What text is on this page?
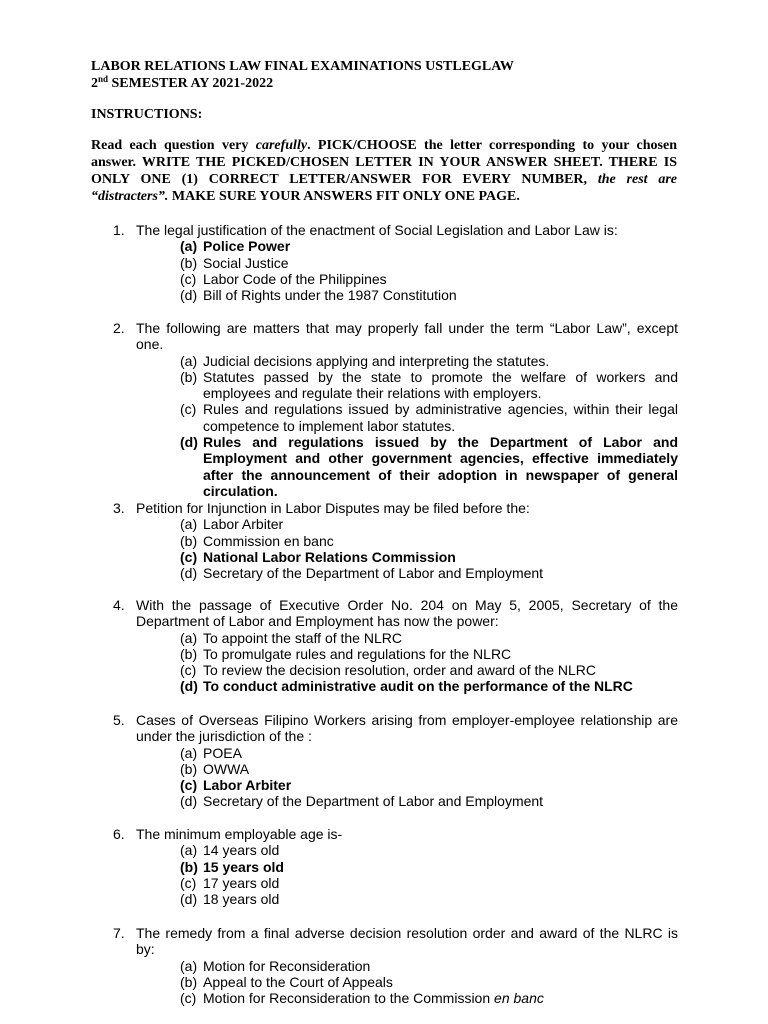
LABOR RELATIONS LAW FINAL EXAMINATIONS USTLEGLAW
2nd SEMESTER AY 2021-2022
INSTRUCTIONS:
Read each question very carefully. PICK/CHOOSE the letter corresponding to your chosen answer. WRITE THE PICKED/CHOSEN LETTER IN YOUR ANSWER SHEET. THERE IS ONLY ONE (1) CORRECT LETTER/ANSWER FOR EVERY NUMBER, the rest are “distracters”. MAKE SURE YOUR ANSWERS FIT ONLY ONE PAGE.
1. The legal justification of the enactment of Social Legislation and Labor Law is:
(a) Police Power
(b) Social Justice
(c) Labor Code of the Philippines
(d) Bill of Rights under the 1987 Constitution
2. The following are matters that may properly fall under the term “Labor Law”, except one.
(a) Judicial decisions applying and interpreting the statutes.
(b) Statutes passed by the state to promote the welfare of workers and employees and regulate their relations with employers.
(c) Rules and regulations issued by administrative agencies, within their legal competence to implement labor statutes.
(d) Rules and regulations issued by the Department of Labor and Employment and other government agencies, effective immediately after the announcement of their adoption in newspaper of general circulation.
3. Petition for Injunction in Labor Disputes may be filed before the:
(a) Labor Arbiter
(b) Commission en banc
(c) National Labor Relations Commission
(d) Secretary of the Department of Labor and Employment
4. With the passage of Executive Order No. 204 on May 5, 2005, Secretary of the Department of Labor and Employment has now the power:
(a) To appoint the staff of the NLRC
(b) To promulgate rules and regulations for the NLRC
(c) To review the decision resolution, order and award of the NLRC
(d) To conduct administrative audit on the performance of the NLRC
5. Cases of Overseas Filipino Workers arising from employer-employee relationship are under the jurisdiction of the :
(a) POEA
(b) OWWA
(c) Labor Arbiter
(d) Secretary of the Department of Labor and Employment
6. The minimum employable age is-
(a) 14 years old
(b) 15 years old
(c) 17 years old
(d) 18 years old
7. The remedy from a final adverse decision resolution order and award of the NLRC is by:
(a) Motion for Reconsideration
(b) Appeal to the Court of Appeals
(c) Motion for Reconsideration to the Commission en banc
